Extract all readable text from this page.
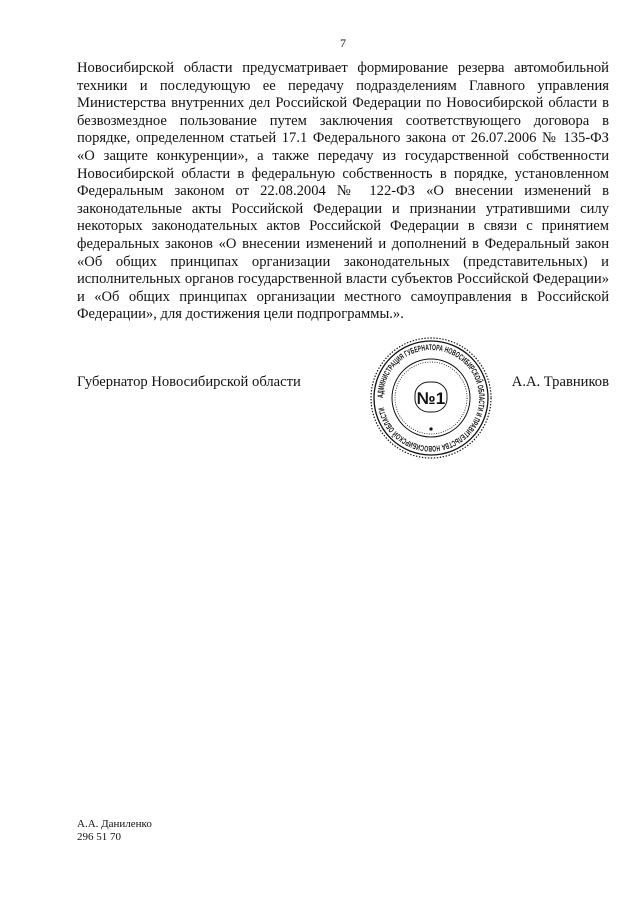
7

Новосибирской области предусматривает формирование резерва автомобильной техники и последующую ее передачу подразделениям Главного управления Министерства внутренних дел Российской Федерации по Новосибирской области в безвозмездное пользование путем заключения соответствующего договора в порядке, определенном статьей 17.1 Федерального закона от 26.07.2006 № 135-ФЗ «О защите конкуренции», а также передачу из государственной собственности Новосибирской области в федеральную собственность в порядке, установленном Федеральным законом от 22.08.2004 № 122-ФЗ «О внесении изменений в законодательные акты Российской Федерации и признании утратившими силу некоторых законодательных актов Российской Федерации в связи с принятием федеральных законов «О внесении изменений и дополнений в Федеральный закон «Об общих принципах организации законодательных (представительных) и исполнительных органов государственной власти субъектов Российской Федерации» и «Об общих принципах организации местного самоуправления в Российской Федерации», для достижения цели подпрограммы.».

Губернатор Новосибирской области	А.А. Травников
АДМИНИСТРАЦИЯ ГУБЕРНАТОРА НОВОСИБИРСКОЙ ОБЛАСТИ И ПРАВИТЕЛЬСТВА НОВОСИБИРСКОЙ ОБЛАСТИ
№1
А.А. Даниленко
296 51 70
